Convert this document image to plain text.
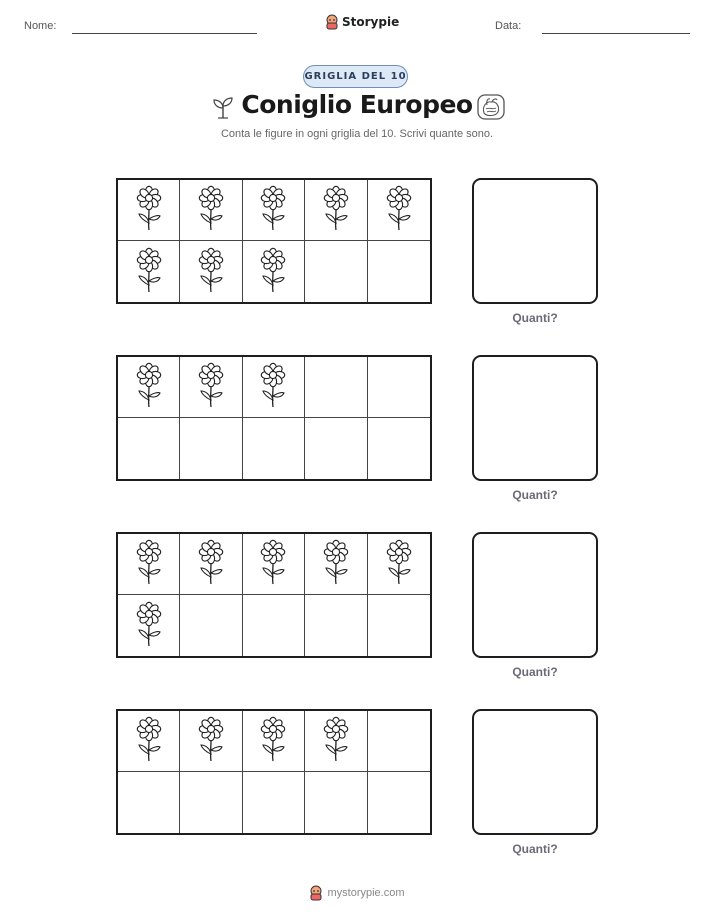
Nome:	Storypie	Data:
GRIGLIA DEL 10
Coniglio Europeo
Conta le figure in ogni griglia del 10. Scrivi quante sono.
Quanti?
Quanti?
Quanti?
Quanti?
mystorypie.com
